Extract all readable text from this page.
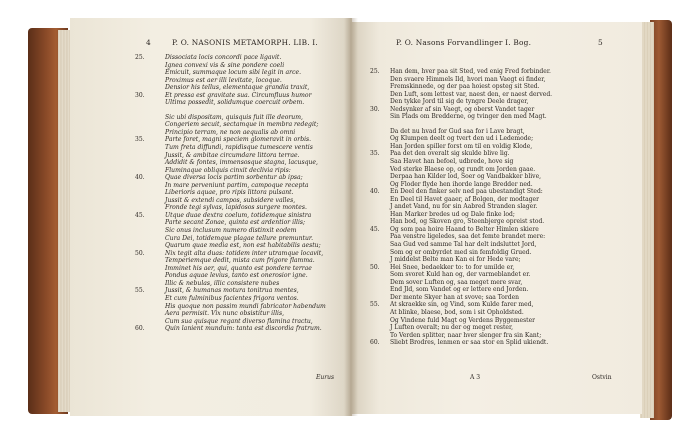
4	P. O. NASONIS METAMORPH. LIB. I.	P. O. Nasons Forvandlinger I. Bog.	5
25.	Dissociata locis concordi pace ligavit.
Ignea convexi vis & sine pondere coeli
Emicuit, summaque locum sibi legit in arce.
Proximus est aer illi levitate, locoque.
Densior his tellus, elementaque grandia traxit,
30.	Et pressa est gravitate sua. Circumfluus humor
Ultima possedit, solidumque coercuit orbem.
Sic ubi dispositam, quisquis fuit ille deorum,
Congeriem secuit, sectamque in membra redegit;
Principio terram, ne non aequalis ab omni
35.	Parte foret, magni speciem glomeravit in orbis.
Tum freta diffundi, rapidisque tumescere ventis
Jussit, & ambitae circumdare littora terrae.
Addidit & fontes, immensosque stagna, lacusque,
Fluminaque obliquis cinxit declivia ripis:
40.	Quae diversa locis partim sorbentur ab ipsa;
In mare perveniunt partim, campoque recepta
Liberioris aquae, pro ripis littora pulsant.
Jussit & extendi campos, subsidere valles,
Fronde tegi sylvas, lapidosos surgere montes.
45.	Utque duae dextra coelum, totidemque sinistra
Parte secant Zonae, quinta est ardentior illis;
Sic onus inclusum numero distinxit eodem
Cura Dei, totidemque plagae tellure premuntur.
Quarum quae media est, non est habitabilis aestu;
50.	Nix tegit alta duas: totidem inter utramque locavit,
Temperiemque dedit, mista cum frigore flamma.
Imminet his aer, qui, quanto est pondere terrae
Pondus aquae levius, tanto est onerosior igne.
Illic & nebulas, illic consistere nubes
55.	Jussit, & humanas motura tonitrua mentes,
Et cum fulminibus facientes frigora ventos.
His quoque non passim mundi fabricator habendum
Aera permisit. Vix nunc obsistitur illis,
Cum sua quisque regant diverso flamina tractu,
60.	Quin lanient mundum: tanta est discordia fratrum.
25. Han dem, hver paa sit Sted, ved enig Fred forbinder.
Den svaere Himmels Ild, hvori man Vaegt ei finder,
Fremskinnede, og der paa hoiest opsteg sit Sted.
Den Luft, som lettest var, naest den, er naest derved.
Den tykke Jord til sig de tyngre Deele drager,
30. Nedsynker af sin Vaegt, og oberst Vandet tager
Sin Plads om Bredderne, og tvinger den med Magt.
Da det nu hvad for Gud saa for i Lave bragt,
Og Klumpen deelt og tvert den ud i Ledemode;
Han Jorden spiller forst om til en voldig Klode,
35. Paa det den overalt sig skulde blive lig.
Saa Havet han befoel, udbrede, hove sig
Ved sterke Blaese op, og rundt om Jorden gaae.
Derpaa han Kilder lod, Soer og Vandbakker blive,
Og Floder flyde hen ihorde lange Bredder ned.
40. En Deel den finker selv ned paa ubestandigt Sted:
En Deel til Havet gaaer, af Bolgen, der modtager
J andet Vand, nu for sin Aabred Stranden slager.
Han Marker bredes ud og Dale finke lod;
Han bod, og Skoven gro, Steenbjerge opreist stod.
45. Og som paa hoire Haand to Belter Himlen skiere
Paa venstre ligeledes, saa det femte brandet mere:
Saa Gud ved samme Tal har delt indsluttet Jord,
Som og er ombyrdet med sin femfoldig Grued.
J middelst Belte man Kan ei for Hede vare;
50. Hei Snee, bedaekker to: to for umilde er,
Som svoret Kuld han og, der varmeblandet er.
Dem sover Luften og, saa meget mere svar,
End Jld, som Vandet og er lettere end Jorden.
Der mente Skyer han at svove; saa Torden
55. At skraekke sin, og Vind, som Kulde farer med,
At blinke, blaese, bod, som i sit Opholdsted.
Og Vindene fuld Magt og Verdens Byggemester
J Luften overalt; nu der og meget rester,
To Verden splitter, naar hver slenger fra sin Kant;
60. Sliebt Brodres, lenmen er saa stor en Splid ukiendt.
Eurus	A 3	Ostvin
